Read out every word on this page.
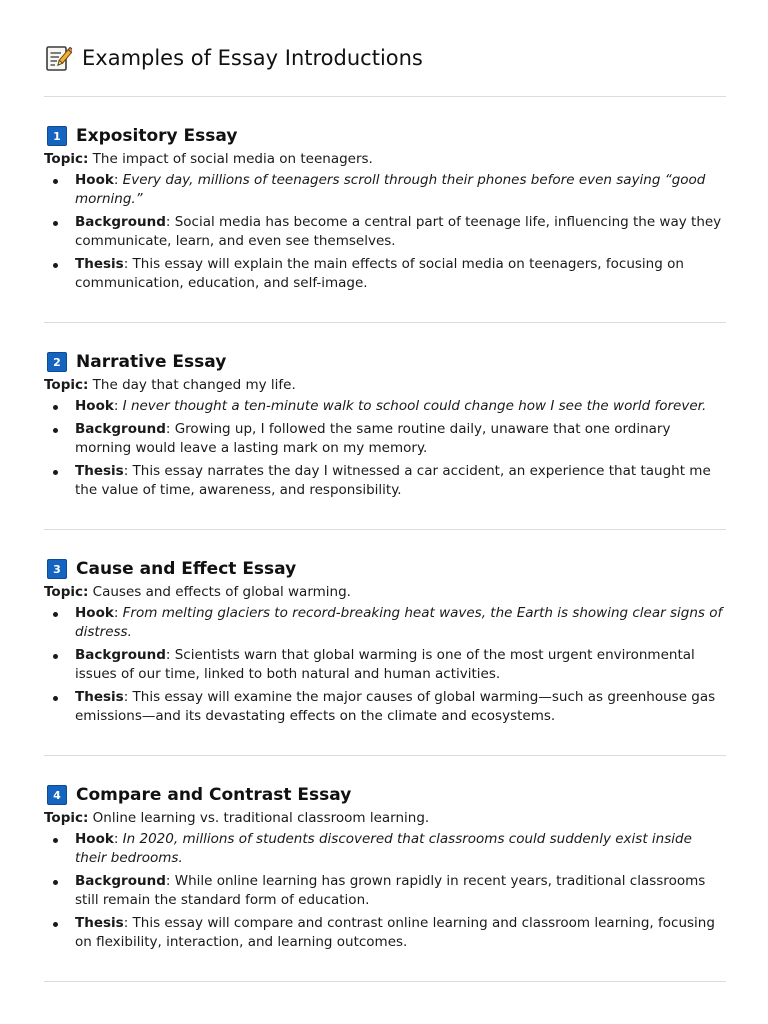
Examples of Essay Introductions
1 Expository Essay

Topic: The impact of social media on teenagers.

Hook: Every day, millions of teenagers scroll through their phones before even saying “good morning.”
Background: Social media has become a central part of teenage life, influencing the way they communicate, learn, and even see themselves.
Thesis: This essay will explain the main effects of social media on teenagers, focusing on communication, education, and self-image.
2 Narrative Essay

Topic: The day that changed my life.

Hook: I never thought a ten-minute walk to school could change how I see the world forever.
Background: Growing up, I followed the same routine daily, unaware that one ordinary morning would leave a lasting mark on my memory.
Thesis: This essay narrates the day I witnessed a car accident, an experience that taught me the value of time, awareness, and responsibility.
3 Cause and Effect Essay

Topic: Causes and effects of global warming.

Hook: From melting glaciers to record-breaking heat waves, the Earth is showing clear signs of distress.
Background: Scientists warn that global warming is one of the most urgent environmental issues of our time, linked to both natural and human activities.
Thesis: This essay will examine the major causes of global warming—such as greenhouse gas emissions—and its devastating effects on the climate and ecosystems.
4 Compare and Contrast Essay

Topic: Online learning vs. traditional classroom learning.

Hook: In 2020, millions of students discovered that classrooms could suddenly exist inside their bedrooms.
Background: While online learning has grown rapidly in recent years, traditional classrooms still remain the standard form of education.
Thesis: This essay will compare and contrast online learning and classroom learning, focusing on flexibility, interaction, and learning outcomes.
